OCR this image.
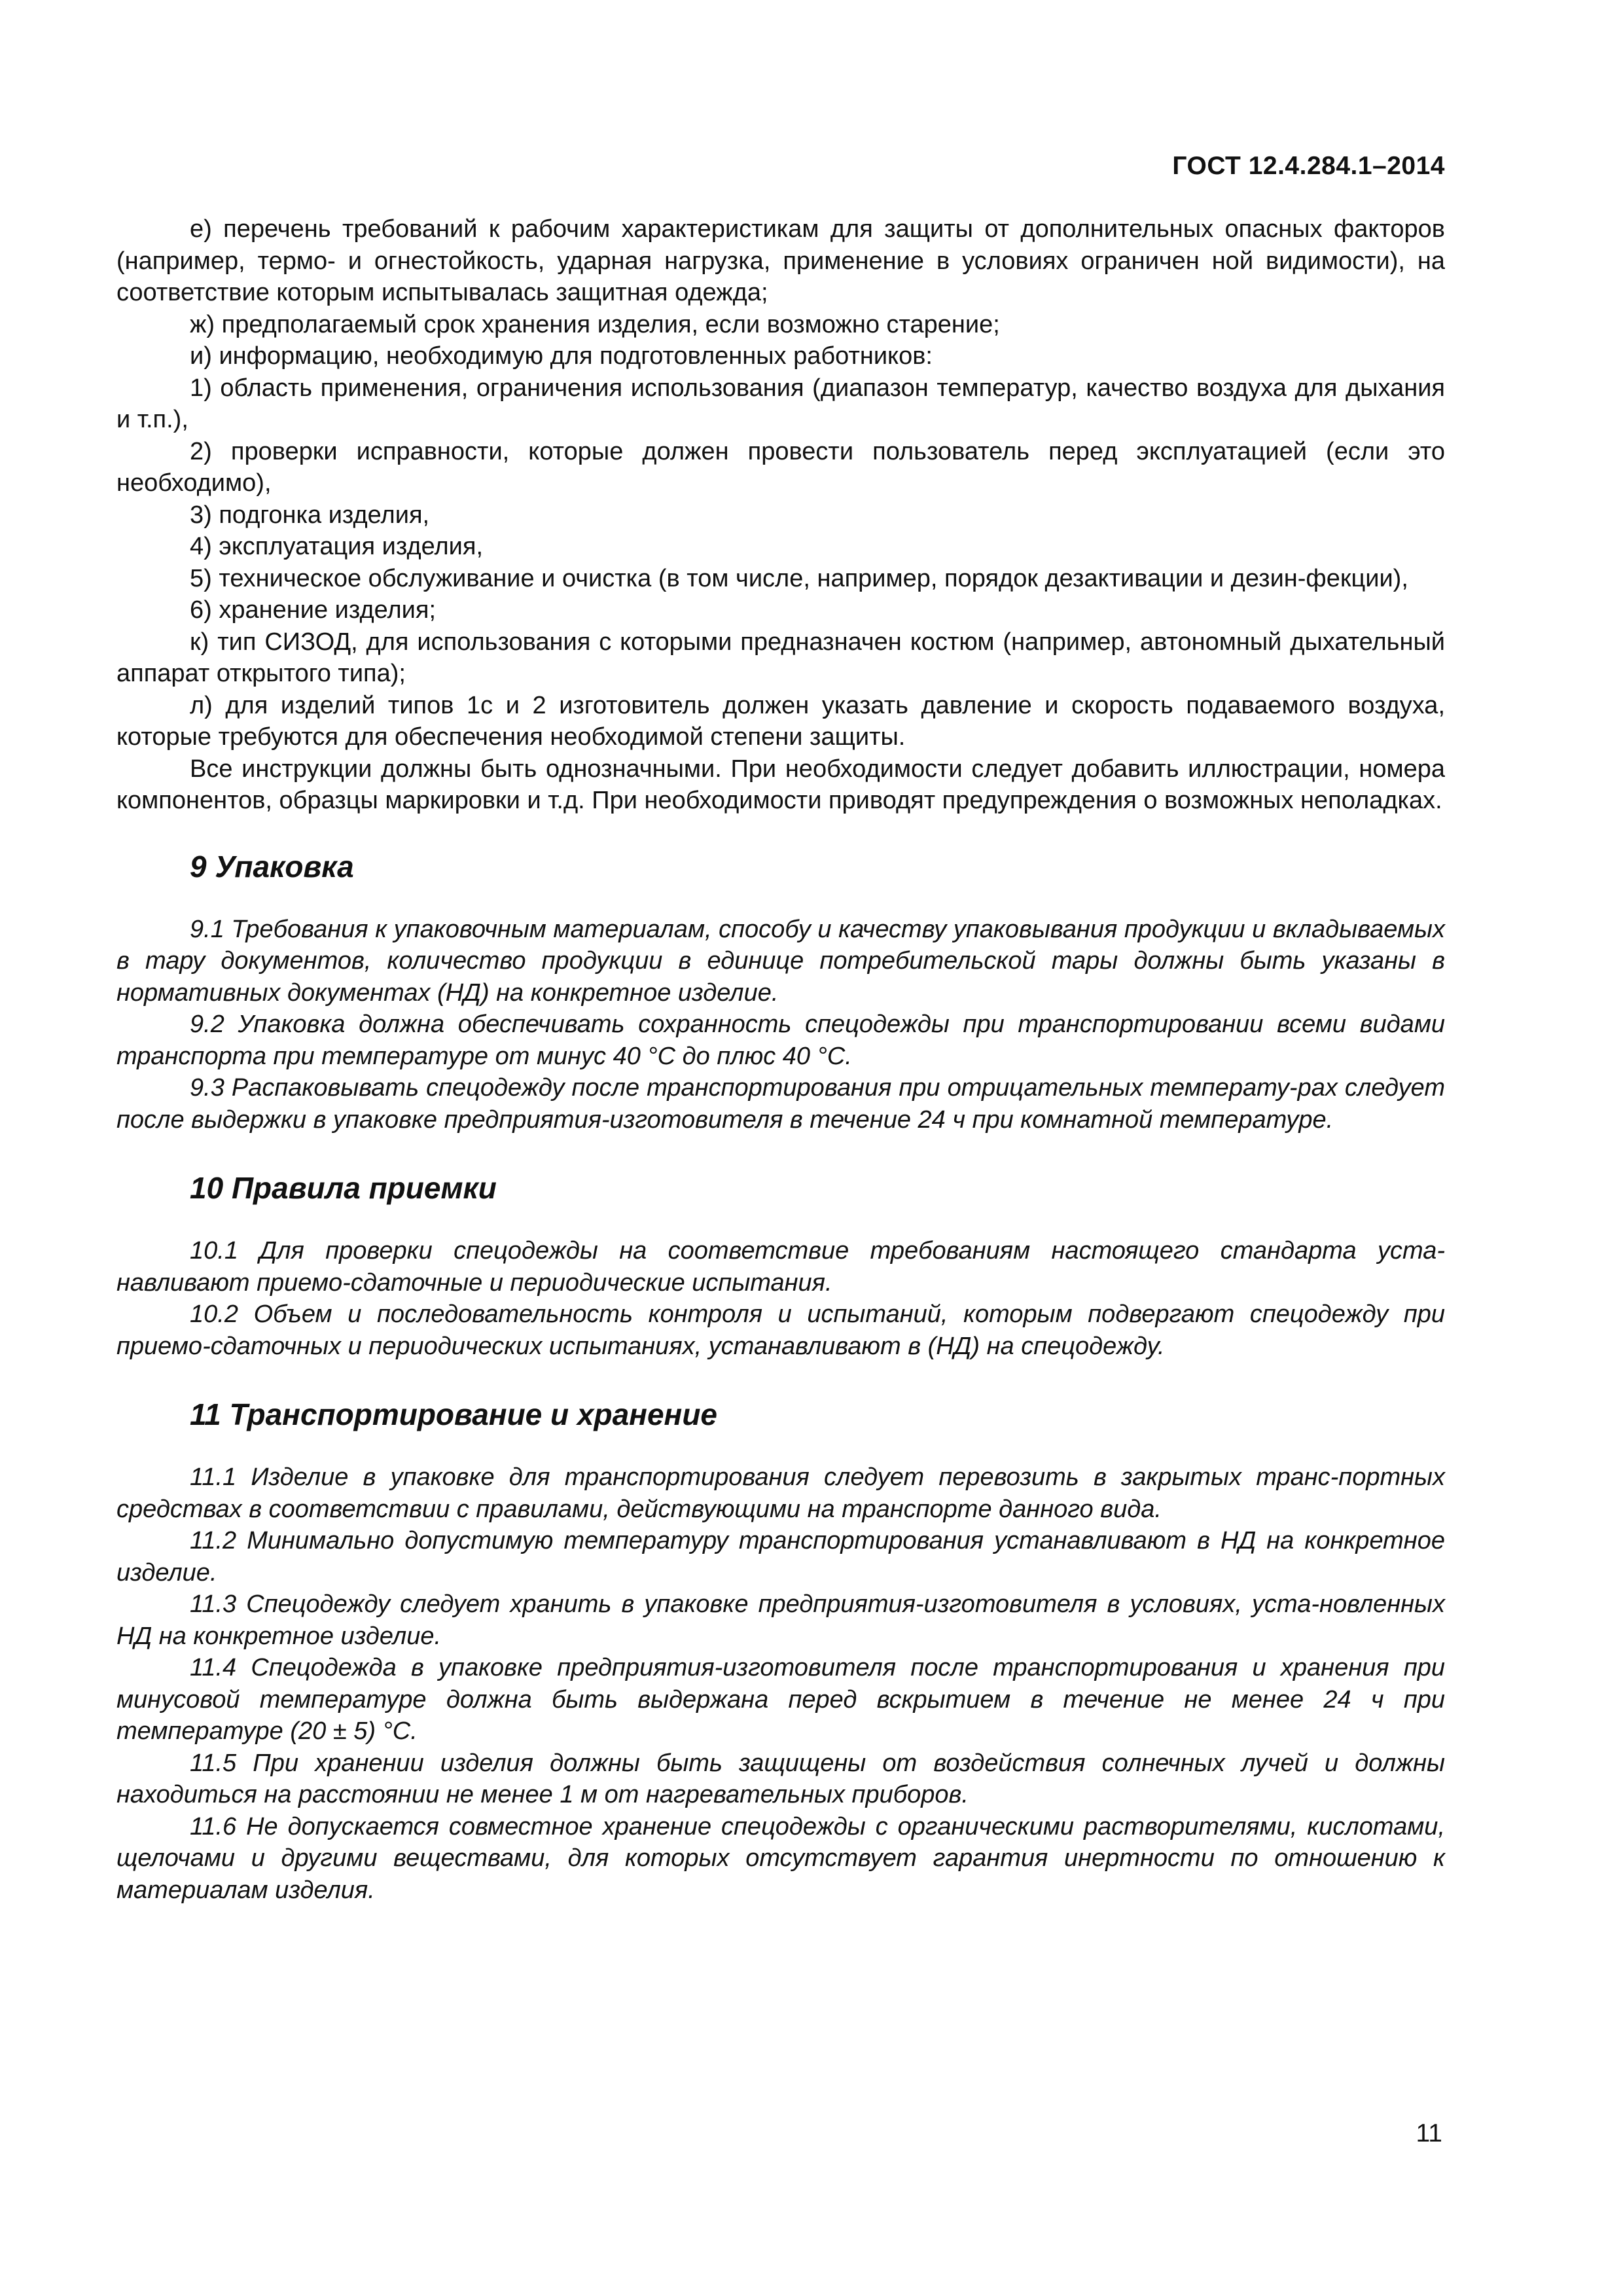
ГОСТ 12.4.284.1–2014

е) перечень требований к рабочим характеристикам для защиты от дополнительных опасных факторов (например, термо- и огнестойкость, ударная нагрузка, применение в условиях ограничен ной видимости), на соответствие которым испытывалась защитная одежда;

ж) предполагаемый срок хранения изделия, если возможно старение;

и) информацию, необходимую для подготовленных работников:

1) область применения, ограничения использования (диапазон температур, качество воздуха для дыхания и т.п.),

2) проверки исправности, которые должен провести пользователь перед эксплуатацией (если это необходимо),

3) подгонка изделия,

4) эксплуатация изделия,

5) техническое обслуживание и очистка (в том числе, например, порядок дезактивации и дезин-фекции),

6) хранение изделия;

к) тип СИЗОД, для использования с которыми предназначен костюм (например, автономный дыхательный аппарат открытого типа);

л) для изделий типов 1с и 2 изготовитель должен указать давление и скорость подаваемого воздуха, которые требуются для обеспечения необходимой степени защиты.

Все инструкции должны быть однозначными. При необходимости следует добавить иллюстрации, номера компонентов, образцы маркировки и т.д. При необходимости приводят предупреждения о возможных неполадках.

9 Упаковка

9.1 Требования к упаковочным материалам, способу и качеству упаковывания продукции и вкладываемых в тару документов, количество продукции в единице потребительской тары должны быть указаны в нормативных документах (НД) на конкретное изделие.

9.2 Упаковка должна обеспечивать сохранность спецодежды при транспортировании всеми видами транспорта при температуре от минус 40 °С до плюс 40 °С.

9.3 Распаковывать спецодежду после транспортирования при отрицательных температу-рах следует после выдержки в упаковке предприятия-изготовителя в течение 24 ч при комнатной температуре.

10 Правила приемки

10.1 Для проверки спецодежды на соответствие требованиям настоящего стандарта уста-навливают приемо-сдаточные и периодические испытания.

10.2 Объем и последовательность контроля и испытаний, которым подвергают спецодежду при приемо-сдаточных и периодических испытаниях, устанавливают в (НД) на спецодежду.

11 Транспортирование и хранение

11.1 Изделие в упаковке для транспортирования следует перевозить в закрытых транс-портных средствах в соответствии с правилами, действующими на транспорте данного вида.

11.2 Минимально допустимую температуру транспортирования устанавливают в НД на конкретное изделие.

11.3 Спецодежду следует хранить в упаковке предприятия-изготовителя в условиях, уста-новленных НД на конкретное изделие.

11.4 Спецодежда в упаковке предприятия-изготовителя после транспортирования и хранения при минусовой температуре должна быть выдержана перед вскрытием в течение не менее 24 ч при температуре (20 ± 5) °С.

11.5 При хранении изделия должны быть защищены от воздействия солнечных лучей и должны находиться на расстоянии не менее 1 м от нагревательных приборов.

11.6 Не допускается совместное хранение спецодежды с органическими растворителями, кислотами, щелочами и другими веществами, для которых отсутствует гарантия инертности по отношению к материалам изделия.

11
